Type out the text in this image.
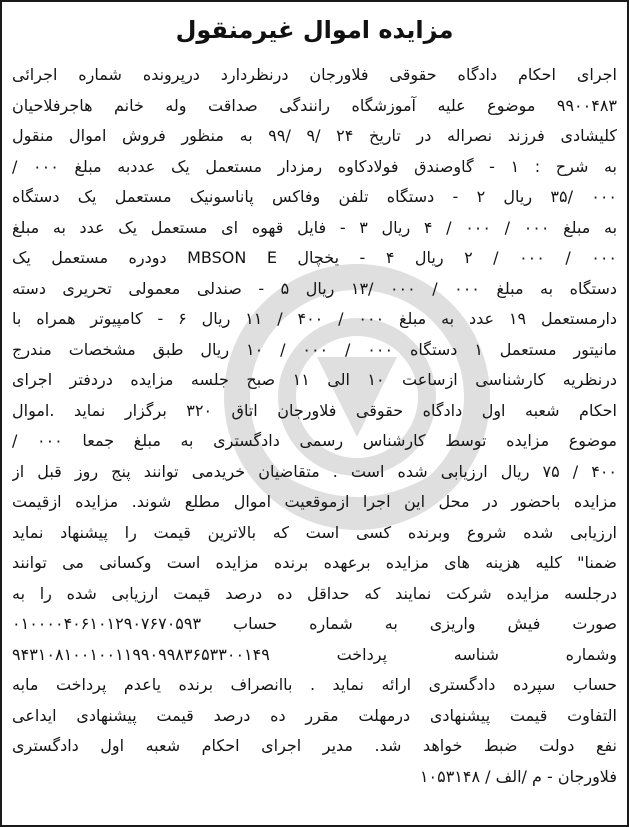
مزایده اموال غیرمنقول
اجرای احکام دادگاه حقوقی فلاورجان درنظردارد درپرونده شماره اجرائی
۹۹۰۰۴۸۳ موضوع علیه آموزشگاه رانندگی صداقت وله خانم هاجرفلاحیان
کلیشادی فرزند نصراله در تاریخ ۲۴ /۹ /۹۹ به منظور فروش اموال منقول
به شرح : ۱ - گاوصندق فولادکاوه رمزدار مستعمل یک عددبه مبلغ ۰۰۰ /
۰۰۰ /۳۵ ریال ۲ - دستگاه تلفن وفاکس پاناسونیک مستعمل یک دستگاه
به مبلغ ۰۰۰ / ۰۰۰ / ۴ ریال ۳ - فایل قهوه ای مستعمل یک عدد به مبلغ
۰۰۰ / ۰۰۰ / ۲ ریال ۴ - یخچال MBSON E دودره مستعمل یک
دستگاه به مبلغ ۰۰۰ / ۰۰۰ /۱۳ ریال ۵ - صندلی معمولی تحریری دسته
دارمستعمل ۱۹ عدد به مبلغ ۰۰۰ / ۴۰۰ / ۱۱ ریال ۶ - کامپیوتر همراه با
مانیتور مستعمل ۱ دستگاه ۰۰۰ / ۰۰۰ / ۱۰ ریال طبق مشخصات مندرج
درنظریه کارشناسی ازساعت ۱۰ الی ۱۱ صبح جلسه مزایده دردفتر اجرای
احکام شعبه اول دادگاه حقوقی فلاورجان اتاق ۳۲۰ برگزار نماید .اموال
موضوع مزایده توسط کارشناس رسمی دادگستری به مبلغ جمعا ۰۰۰ /
۴۰۰ / ۷۵ ریال ارزیابی شده است . متقاضیان خریدمی توانند پنج روز قبل از
مزایده باحضور در محل این اجرا ازموقعیت اموال مطلع شوند. مزایده ازقیمت
ارزیابی شده شروع وبرنده کسی است که بالاترین قیمت را پیشنهاد نماید
ضمنا" کلیه هزینه های مزایده برعهده برنده مزایده است وکسانی می توانند
درجلسه مزایده شرکت نمایند که حداقل ده درصد قیمت ارزیابی شده را به
صورت فیش واریزی به شماره حساب ۰۱۰۰۰۰۴۰۶۱۰۱۲۹۰۷۶۷۰۵۹۳
وشماره شناسه پرداخت ۹۴۳۱۰۸۱۰۰۱۰۰۱۱۹۹۰۹۹۸۳۶۵۳۳۰۰۱۴۹
حساب سپرده دادگستری ارائه نماید . باانصراف برنده یاعدم پرداخت مابه
التفاوت قیمت پیشنهادی درمهلت مقرر ده درصد قیمت پیشنهادی ایداعی
نفع دولت ضبط خواهد شد. مدیر اجرای احکام شعبه اول دادگستری
فلاورجان - م /الف / ۱۰۵۳۱۴۸
